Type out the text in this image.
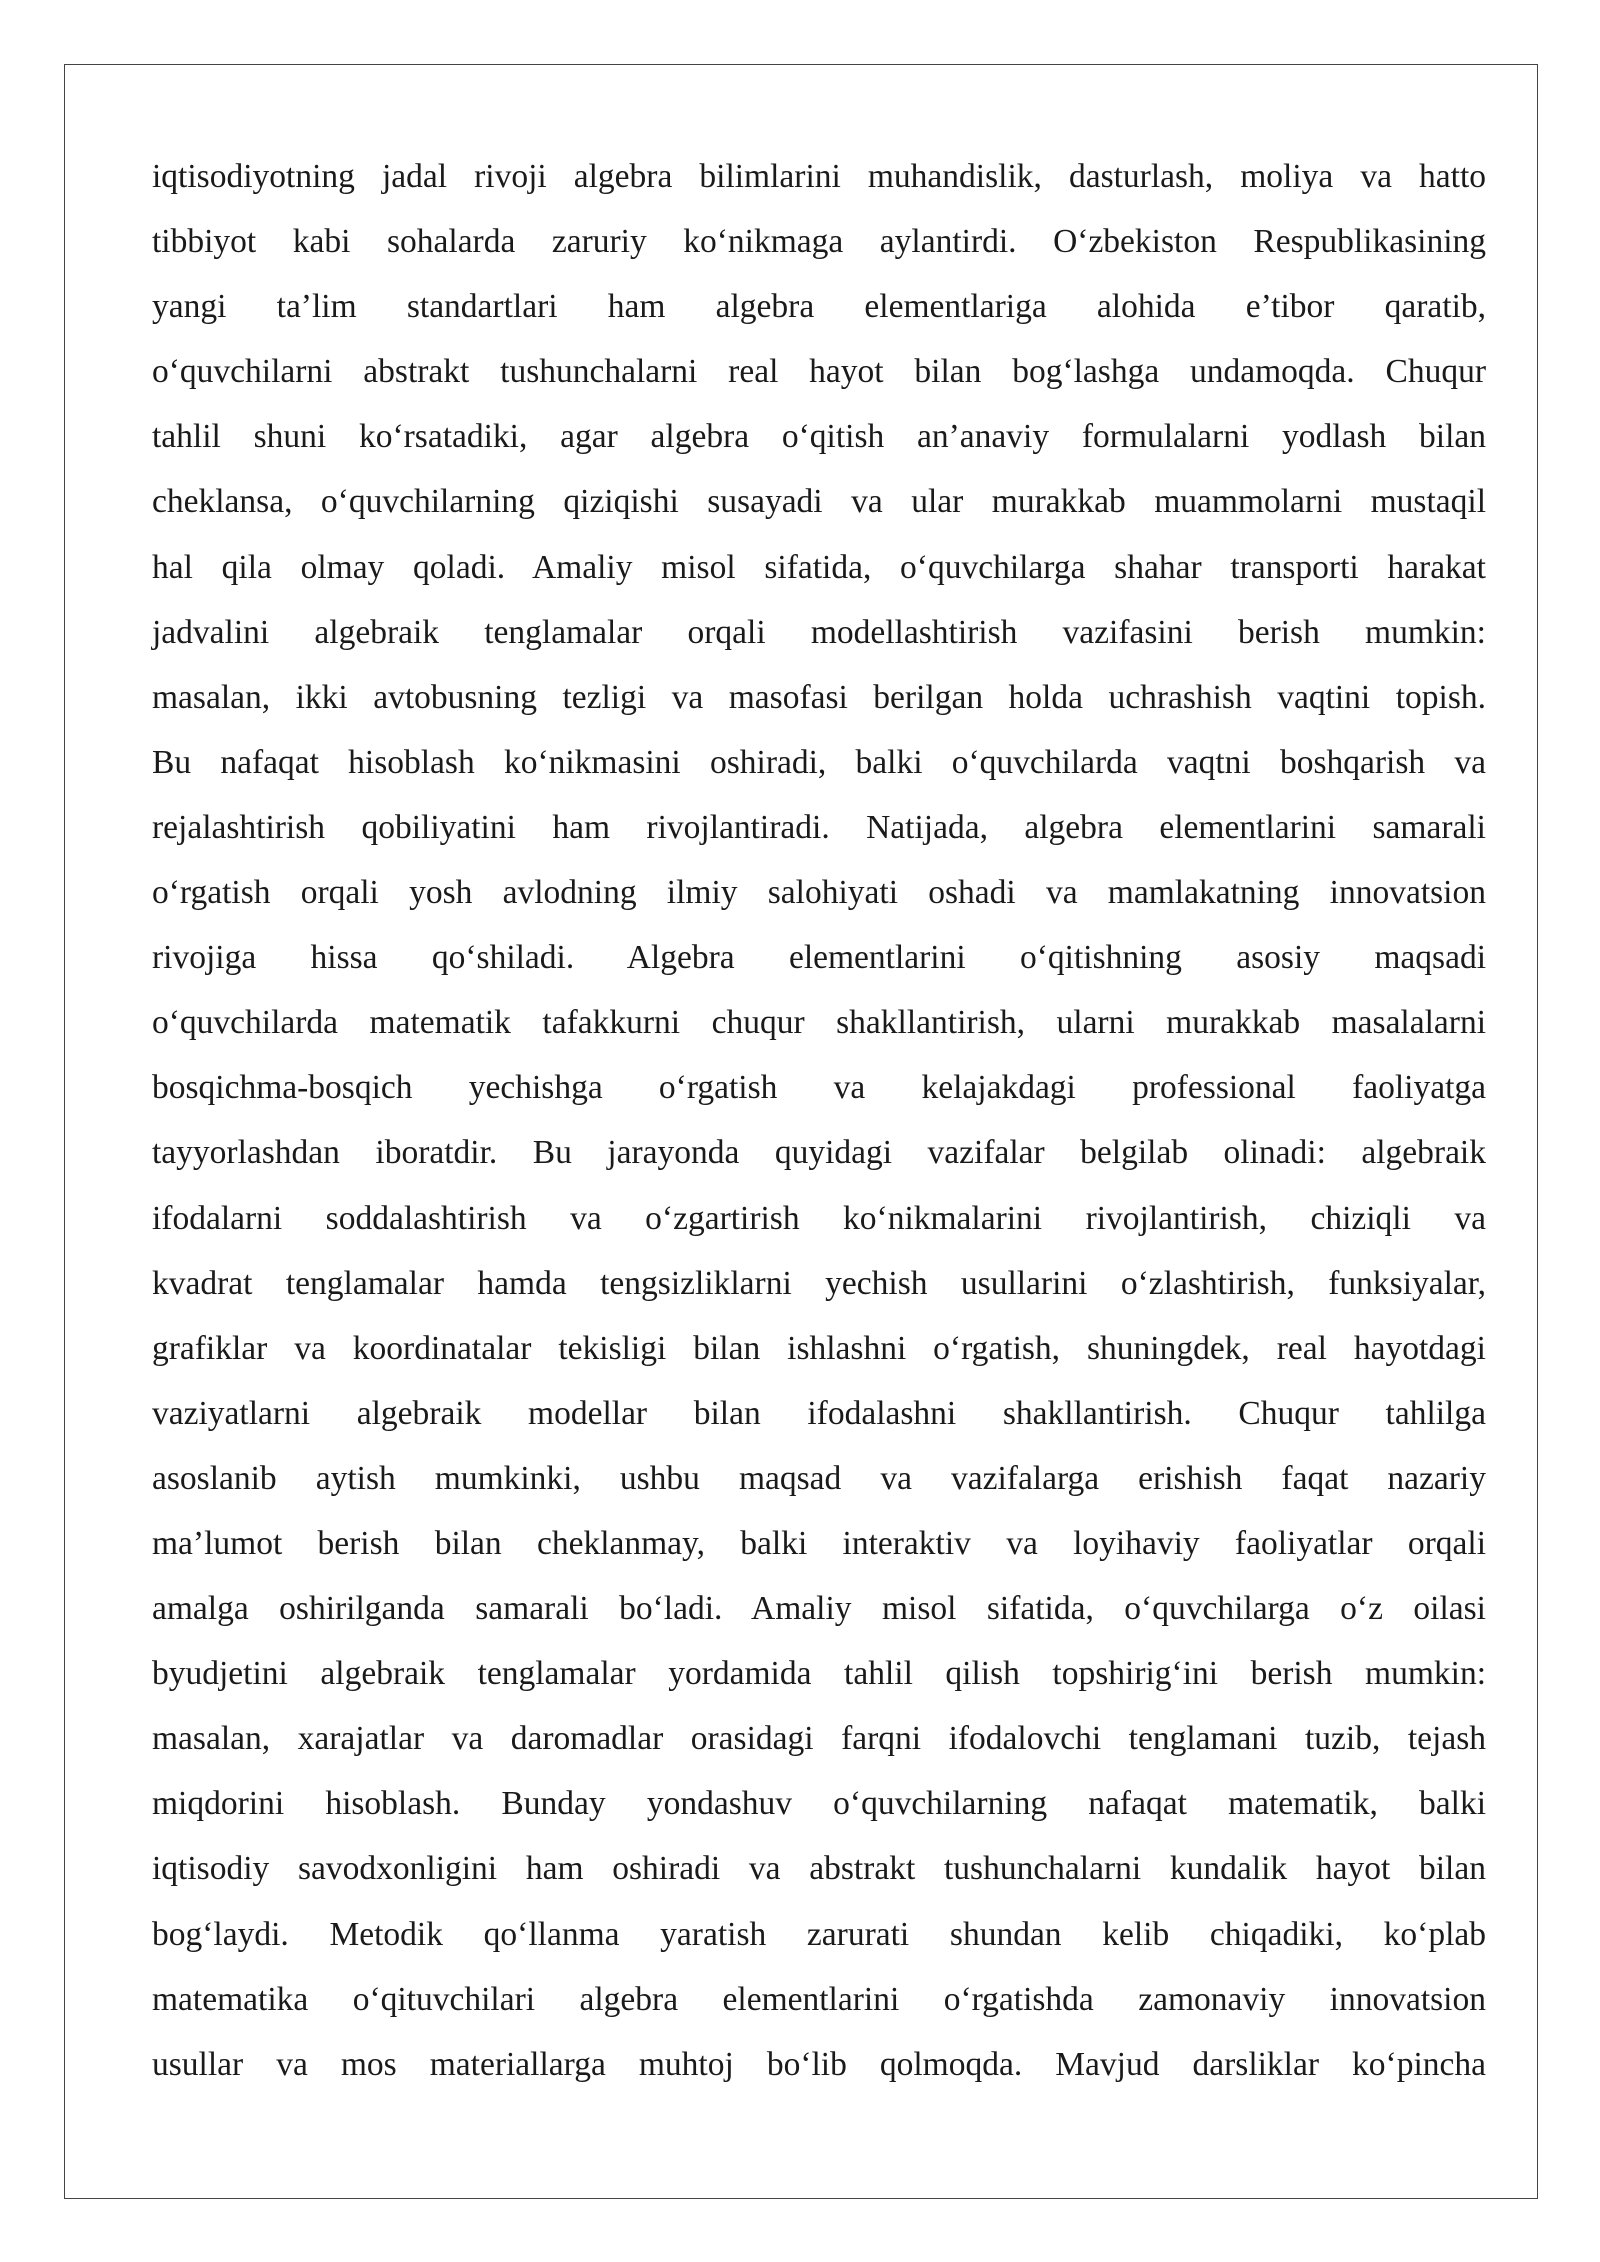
iqtisodiyotning jadal rivoji algebra bilimlarini muhandislik, dasturlash, moliya va hatto
tibbiyot kabi sohalarda zaruriy ko‘nikmaga aylantirdi. O‘zbekiston Respublikasining
yangi ta’lim standartlari ham algebra elementlariga alohida e’tibor qaratib,
o‘quvchilarni abstrakt tushunchalarni real hayot bilan bog‘lashga undamoqda. Chuqur
tahlil shuni ko‘rsatadiki, agar algebra o‘qitish an’anaviy formulalarni yodlash bilan
cheklansa, o‘quvchilarning qiziqishi susayadi va ular murakkab muammolarni mustaqil
hal qila olmay qoladi. Amaliy misol sifatida, o‘quvchilarga shahar transporti harakat
jadvalini algebraik tenglamalar orqali modellashtirish vazifasini berish mumkin:
masalan, ikki avtobusning tezligi va masofasi berilgan holda uchrashish vaqtini topish.
Bu nafaqat hisoblash ko‘nikmasini oshiradi, balki o‘quvchilarda vaqtni boshqarish va
rejalashtirish qobiliyatini ham rivojlantiradi. Natijada, algebra elementlarini samarali
o‘rgatish orqali yosh avlodning ilmiy salohiyati oshadi va mamlakatning innovatsion
rivojiga hissa qo‘shiladi. Algebra elementlarini o‘qitishning asosiy maqsadi
o‘quvchilarda matematik tafakkurni chuqur shakllantirish, ularni murakkab masalalarni
bosqichma-bosqich yechishga o‘rgatish va kelajakdagi professional faoliyatga
tayyorlashdan iboratdir. Bu jarayonda quyidagi vazifalar belgilab olinadi: algebraik
ifodalarni soddalashtirish va o‘zgartirish ko‘nikmalarini rivojlantirish, chiziqli va
kvadrat tenglamalar hamda tengsizliklarni yechish usullarini o‘zlashtirish, funksiyalar,
grafiklar va koordinatalar tekisligi bilan ishlashni o‘rgatish, shuningdek, real hayotdagi
vaziyatlarni algebraik modellar bilan ifodalashni shakllantirish. Chuqur tahlilga
asoslanib aytish mumkinki, ushbu maqsad va vazifalarga erishish faqat nazariy
ma’lumot berish bilan cheklanmay, balki interaktiv va loyihaviy faoliyatlar orqali
amalga oshirilganda samarali bo‘ladi. Amaliy misol sifatida, o‘quvchilarga o‘z oilasi
byudjetini algebraik tenglamalar yordamida tahlil qilish topshirig‘ini berish mumkin:
masalan, xarajatlar va daromadlar orasidagi farqni ifodalovchi tenglamani tuzib, tejash
miqdorini hisoblash. Bunday yondashuv o‘quvchilarning nafaqat matematik, balki
iqtisodiy savodxonligini ham oshiradi va abstrakt tushunchalarni kundalik hayot bilan
bog‘laydi. Metodik qo‘llanma yaratish zarurati shundan kelib chiqadiki, ko‘plab
matematika o‘qituvchilari algebra elementlarini o‘rgatishda zamonaviy innovatsion
usullar va mos materiallarga muhtoj bo‘lib qolmoqda. Mavjud darsliklar ko‘pincha
